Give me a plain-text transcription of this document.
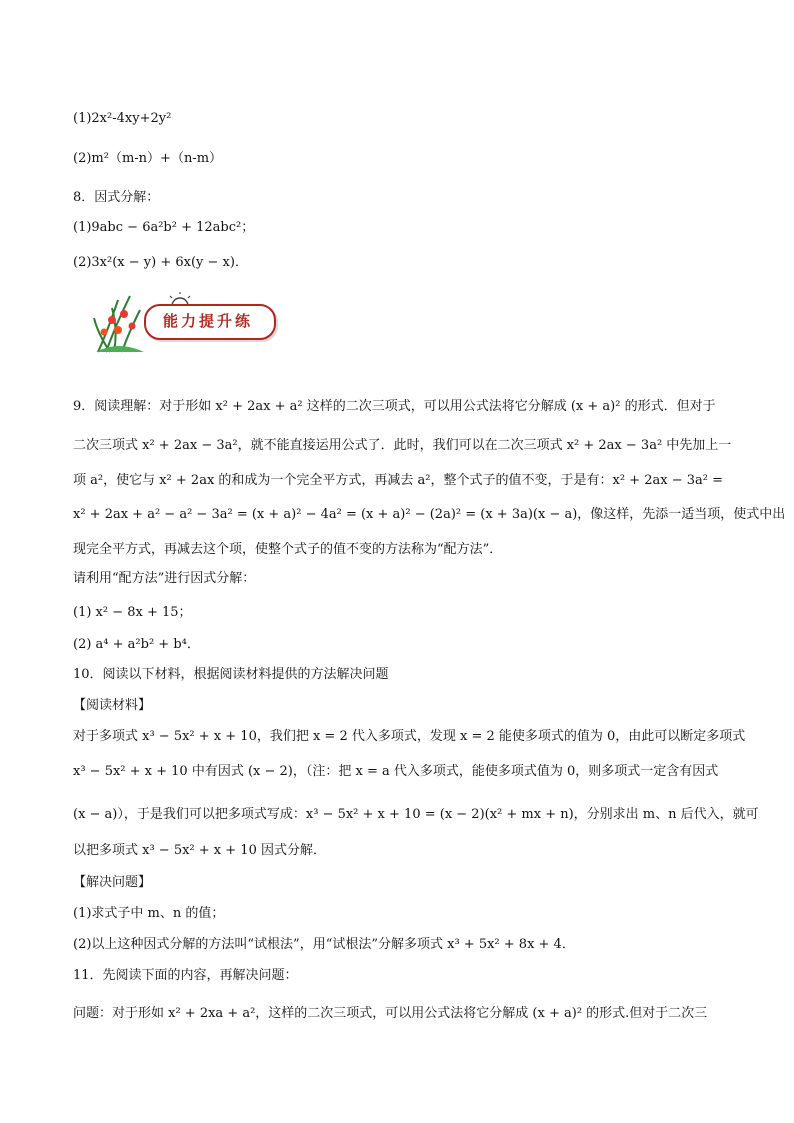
(1)2x²-4xy+2y²
(2)m²（m-n）+（n-m）
8．因式分解：
(1)9abc − 6a²b² + 12abc²；
(2)3x²(x − y) + 6x(y − x)．
9．阅读理解：对于形如 x² + 2ax + a² 这样的二次三项式，可以用公式法将它分解成 (x + a)² 的形式．但对于
二次三项式 x² + 2ax − 3a²，就不能直接运用公式了．此时，我们可以在二次三项式 x² + 2ax − 3a² 中先加上一
项 a²，使它与 x² + 2ax 的和成为一个完全平方式，再减去 a²，整个式子的值不变，于是有：x² + 2ax − 3a² =
x² + 2ax + a² − a² − 3a² = (x + a)² − 4a² = (x + a)² − (2a)² = (x + 3a)(x − a)，像这样，先添一适当项，使式中出
现完全平方式，再减去这个项，使整个式子的值不变的方法称为“配方法”．
请利用“配方法”进行因式分解：
(1) x² − 8x + 15；
(2) a⁴ + a²b² + b⁴．
10．阅读以下材料，根据阅读材料提供的方法解决问题
【阅读材料】
对于多项式 x³ − 5x² + x + 10，我们把 x = 2 代入多项式，发现 x = 2 能使多项式的值为 0，由此可以断定多项式
x³ − 5x² + x + 10 中有因式 (x − 2)，（注：把 x = a 代入多项式，能使多项式值为 0，则多项式一定含有因式
(x − a)），于是我们可以把多项式写成：x³ − 5x² + x + 10 = (x − 2)(x² + mx + n)，分别求出 m、n 后代入，就可
以把多项式 x³ − 5x² + x + 10 因式分解．
【解决问题】
(1)求式子中 m、n 的值；
(2)以上这种因式分解的方法叫“试根法”，用“试根法”分解多项式 x³ + 5x² + 8x + 4．
11．先阅读下面的内容，再解决问题：
问题：对于形如 x² + 2xa + a²，这样的二次三项式，可以用公式法将它分解成 (x + a)² 的形式.但对于二次三
能力提升练
